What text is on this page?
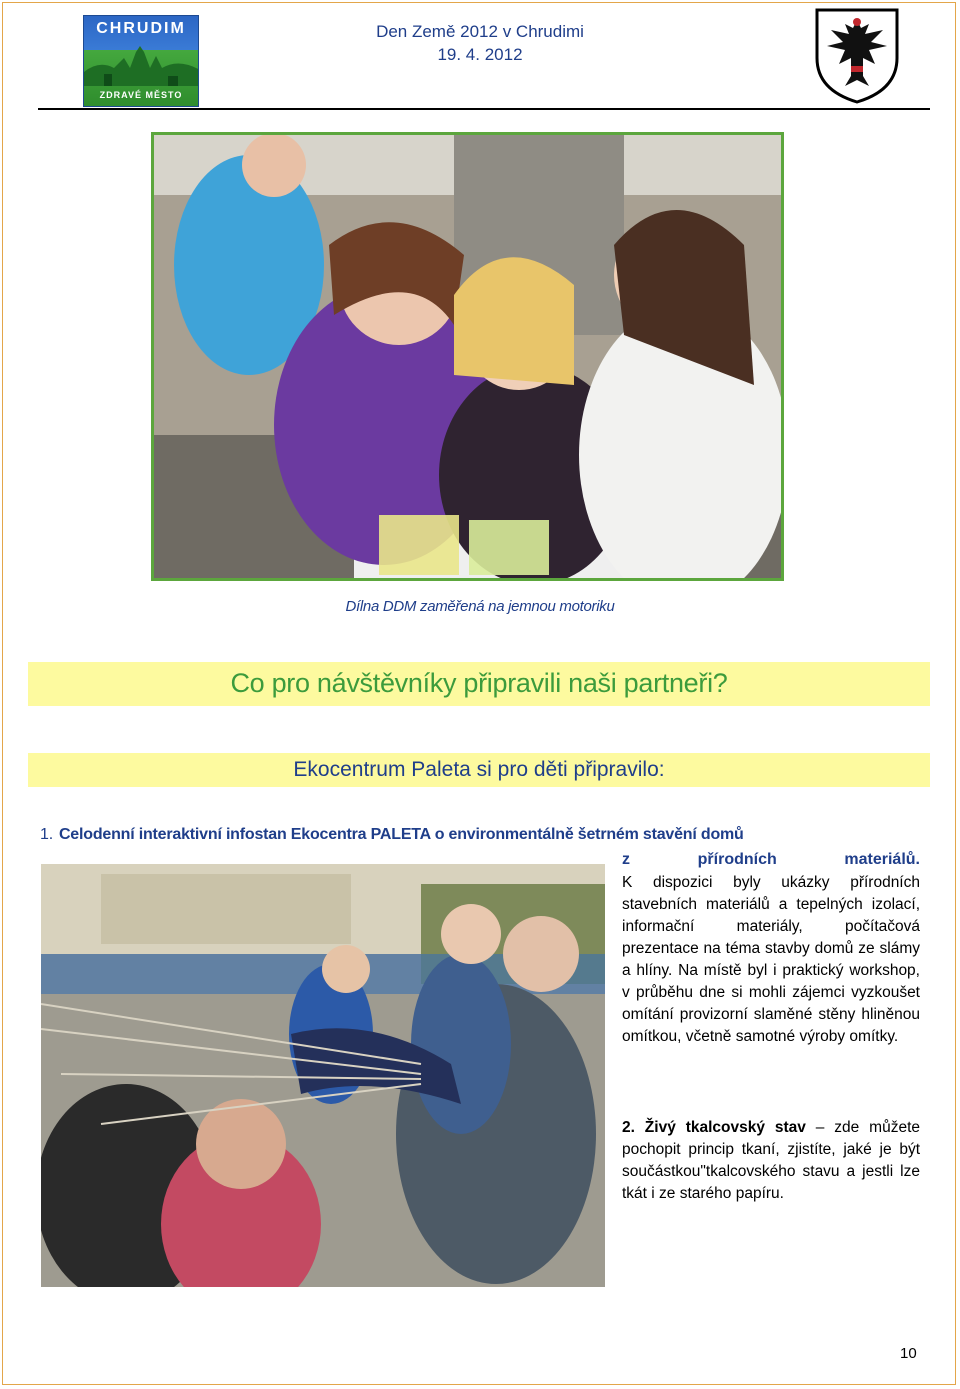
CHRUDIM
ZDRAVÉ MĚSTO
Den Země 2012 v Chrudimi
19. 4. 2012
Dílna DDM zaměřená na jemnou motoriku
Co pro návštěvníky připravili naši partneři?
Ekocentrum Paleta si pro děti připravilo:
1. Celodenní interaktivní infostan Ekocentra PALETA o environmentálně šetrném stavění domů
z přírodních materiálů.
K dispozici byly ukázky přírodních stavebních materiálů a tepelných izolací, informační materiály, počítačová prezentace na téma stavby domů ze slámy a hlíny. Na místě byl i praktický workshop, v průběhu dne si mohli zájemci vyzkoušet omítání provizorní slaměné stěny hliněnou omítkou, včetně samotné výroby omítky.
2. Živý tkalcovský stav – zde můžete pochopit princip tkaní, zjistíte, jaké je být součástkou"tkalcovského stavu a jestli lze tkát i ze starého papíru.
10
